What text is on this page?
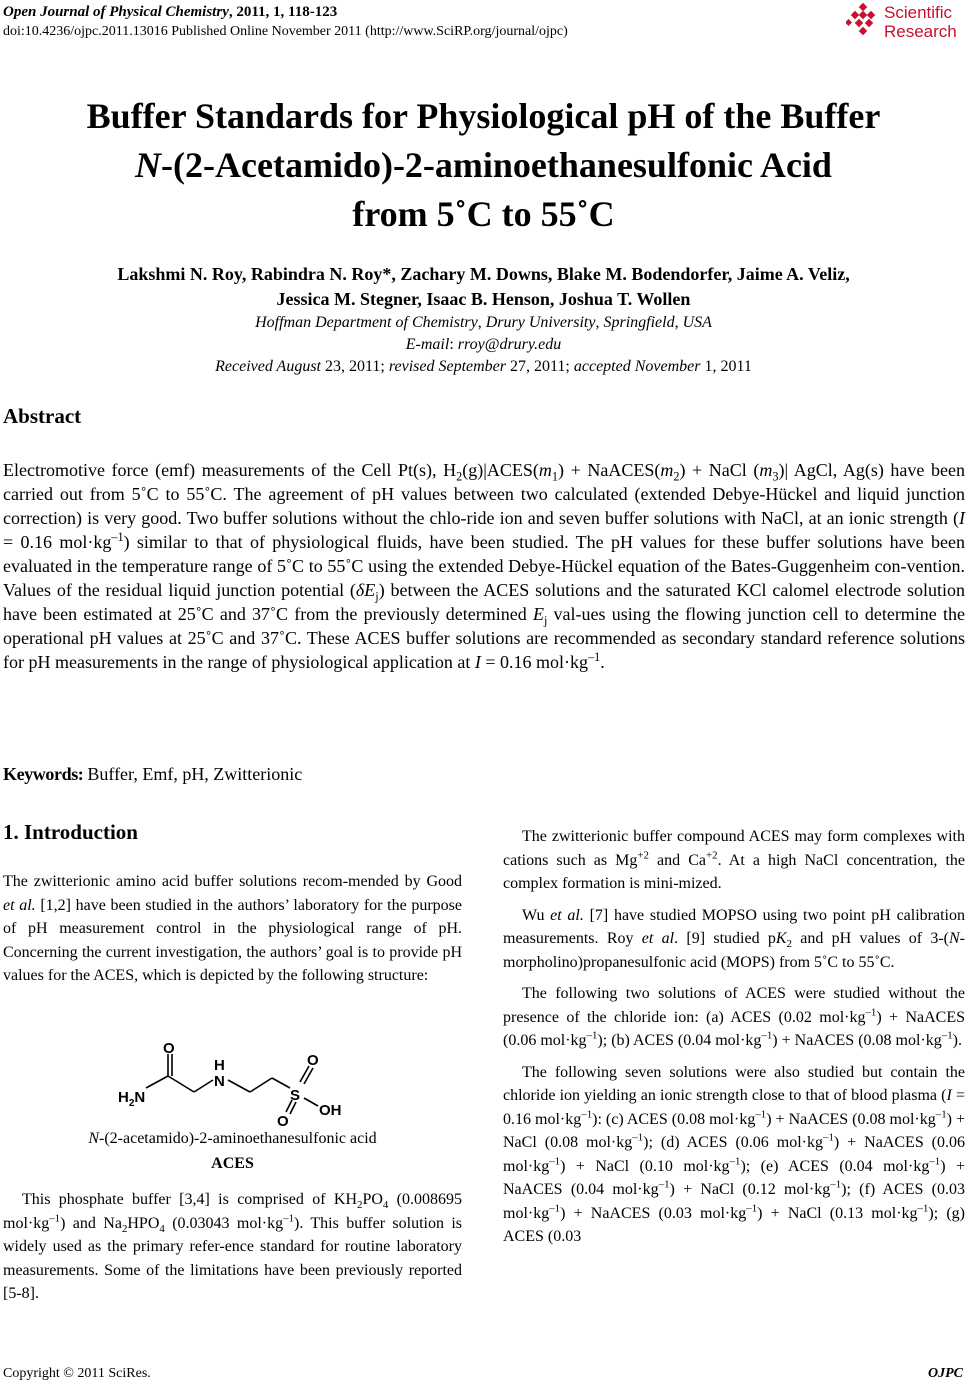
Open Journal of Physical Chemistry, 2011, 1, 118-123
doi:10.4236/ojpc.2011.13016 Published Online November 2011 (http://www.SciRP.org/journal/ojpc)
Scientific
Research
Buffer Standards for Physiological pH of the Buffer
N-(2-Acetamido)-2-aminoethanesulfonic Acid
from 5˚C to 55˚C
Lakshmi N. Roy, Rabindra N. Roy*, Zachary M. Downs, Blake M. Bodendorfer, Jaime A. Veliz,
Jessica M. Stegner, Isaac B. Henson, Joshua T. Wollen
Hoffman Department of Chemistry, Drury University, Springfield, USA
E-mail: rroy@drury.edu
Received August 23, 2011; revised September 27, 2011; accepted November 1, 2011
Abstract
Electromotive force (emf) measurements of the Cell Pt(s), $H_2(g)|ACES(m_1)$ + $NaACES(m_2)$ + NaCl $(m_3)|$ AgCl, Ag(s) have been carried out from 5˚C to 55˚C. The agreement of pH values between two calculated (extended Debye-Hückel and liquid junction correction) is very good. Two buffer solutions without the chlo-ride ion and seven buffer solutions with NaCl, at an ionic strength (I = 0.16 $mol\cdot kg^{-1}$) similar to that of physiological fluids, have been studied. The pH values for these buffer solutions have been evaluated in the temperature range of 5˚C to 55˚C using the extended Debye-Hückel equation of the Bates-Guggenheim con-vention. Values of the residual liquid junction potential $(\delta E_j)$ between the ACES solutions and the saturated KCl calomel electrode solution have been estimated at 25˚C and 37˚C from the previously determined $E_j$ val-ues using the flowing junction cell to determine the operational pH values at 25˚C and 37˚C. These ACES buffer solutions are recommended as secondary standard reference solutions for pH measurements in the range of physiological application at I = 0.16 $mol\cdot kg^{-1}$.
Keywords: Buffer, Emf, pH, Zwitterionic
1. Introduction

The zwitterionic amino acid buffer solutions recom-mended by Good et al. [1,2] have been studied in the authors’ laboratory for the purpose of pH measurement control in the physiological range of pH. Concerning the current investigation, the authors’ goal is to provide pH values for the ACES, which is depicted by the following structure:

O
H
N
$H_2N$	S
O
O
OH
N-(2-acetamido)-2-aminoethanesulfonic acid
ACES

This phosphate buffer [3,4] is comprised of $KH_2PO_4$ (0.008695 $mol\cdot kg^{-1}$) and $Na_2HPO_4$ (0.03043 $mol\cdot kg^{-1}$). This buffer solution is widely used as the primary refer-ence standard for routine laboratory measurements. Some of the limitations have been previously reported [5-8].

The zwitterionic buffer compound ACES may form complexes with cations such as $Mg^{+2}$ and $Ca^{+2}$. At a high NaCl concentration, the complex formation is mini-mized.

Wu et al. [7] have studied MOPSO using two point pH calibration measurements. Roy et al. [9] studied $pK_2$ and pH values of 3-(N-morpholino)propanesulfonic acid (MOPS) from 5˚C to 55˚C.

The following two solutions of ACES were studied without the presence of the chloride ion: (a) ACES (0.02 $mol\cdot kg^{-1}$) + NaACES (0.06 $mol\cdot kg^{-1}$); (b) ACES (0.04 $mol\cdot kg^{-1}$) + NaACES (0.08 $mol\cdot kg^{-1}$).

The following seven solutions were also studied but contain the chloride ion yielding an ionic strength close to that of blood plasma (I = 0.16 $mol\cdot kg^{-1}$): (c) ACES (0.08 $mol\cdot kg^{-1}$) + NaACES (0.08 $mol\cdot kg^{-1}$) + NaCl (0.08 $mol\cdot kg^{-1}$); (d) ACES (0.06 $mol\cdot kg^{-1}$) + NaACES (0.06 $mol\cdot kg^{-1}$) + NaCl (0.10 $mol\cdot kg^{-1}$); (e) ACES (0.04 $mol\cdot kg^{-1}$) + NaACES (0.04 $mol\cdot kg^{-1}$) + NaCl (0.12 $mol\cdot kg^{-1}$); (f) ACES (0.03 $mol\cdot kg^{-1}$) + NaACES (0.03 $mol\cdot kg^{-1}$) + NaCl (0.13 $mol\cdot kg^{-1}$); (g) ACES (0.03

Copyright © 2011 SciRes.	OJPC
